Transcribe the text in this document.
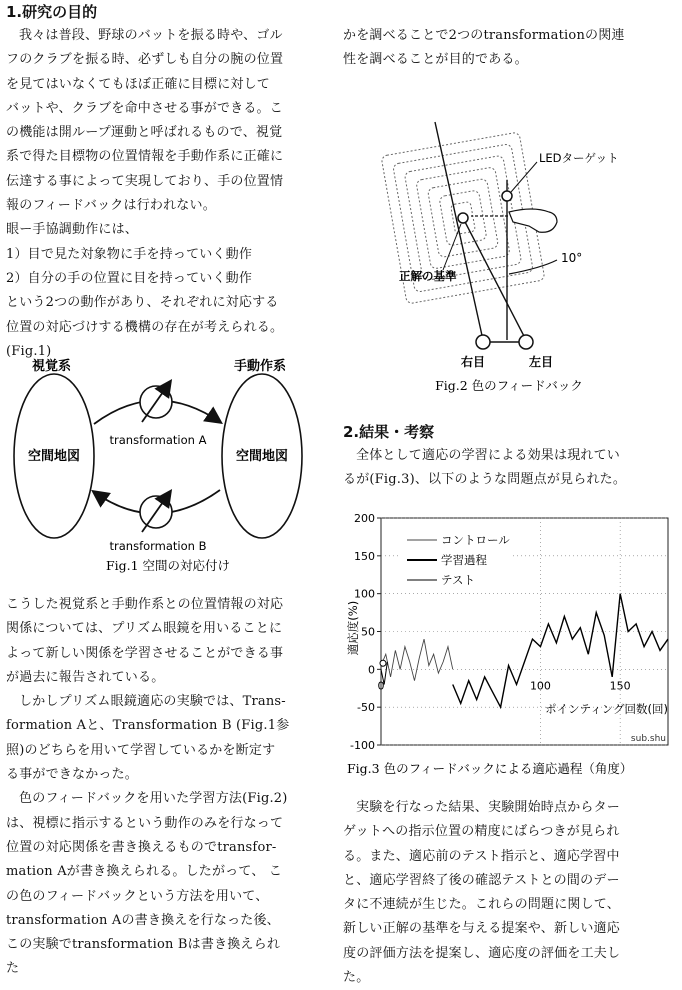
1.研究の目的

我々は普段、野球のバットを振る時や、ゴル

フのクラブを振る時、必ずしも自分の腕の位置

を見てはいなくてもほぼ正確に目標に対して

バットや、クラブを命中させる事ができる。こ

の機能は開ループ運動と呼ばれるもので、視覚

系で得た目標物の位置情報を手動作系に正確に

伝達する事によって実現しており、手の位置情

報のフィードバックは行われない。

眼ー手協調動作には、

1）目で見た対象物に手を持っていく動作

2）自分の手の位置に目を持っていく動作

という2つの動作があり、それぞれに対応する

位置の対応づけする機構の存在が考えられる。

(Fig.1)

視覚系	手動作系
空間地図	空間地図
transformation A
transformation B
Fig.1 空間の対応付け

こうした視覚系と手動作系との位置情報の対応

関係については、プリズム眼鏡を用いることに

よって新しい関係を学習させることができる事

が過去に報告されている。

しかしプリズム眼鏡適応の実験では、Trans-

formation Aと、Transformation B (Fig.1参

照)のどちらを用いて学習しているかを断定す

る事ができなかった。

色のフィードバックを用いた学習方法(Fig.2)

は、視標に指示するという動作のみを行なって

位置の対応関係を書き換えるものでtransfor-

mation Aが書き換えられる。したがって、 こ

の色のフィードバックという方法を用いて、

transformation Aの書き換えを行なった後、

この実験でtransformation Bは書き換えられ

た

かを調べることで2つのtransformationの関連

性を調べることが目的である。

LEDターゲット
正解の基準
10°
右目	左目
Fig.2 色のフィードバック
2.結果・考察

全体として適応の学習による効果は現れてい

るが(Fig.3)、以下のような問題点が見られた。

200
150
100
50
0
-50
-100
0	100	150
コントロール
学習過程
テスト
適応度(%)
ポインティング回数(回)
sub.shu
Fig.3 色のフィードバックによる適応過程（角度）

実験を行なった結果、実験開始時点からター

ゲットへの指示位置の精度にばらつきが見られ

る。また、適応前のテスト指示と、適応学習中

と、適応学習終了後の確認テストとの間のデー

タに不連続が生じた。これらの問題に関して、

新しい正解の基準を与える提案や、新しい適応

度の評価方法を提案し、適応度の評価を工夫し

た。
